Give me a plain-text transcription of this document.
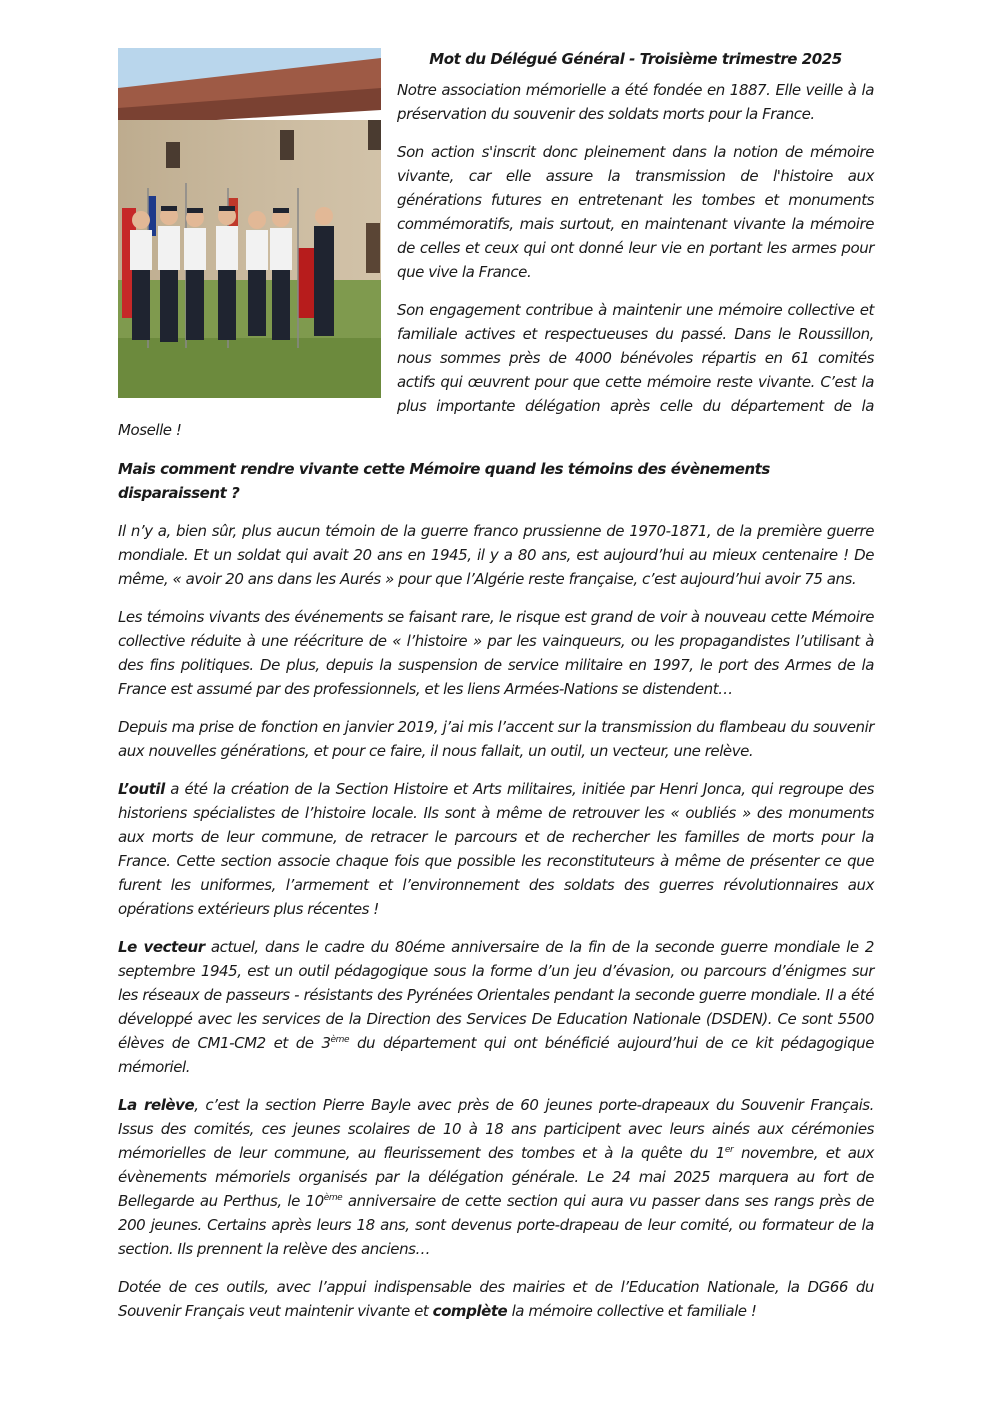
Mot du Délégué Général - Troisième trimestre 2025

Notre association mémorielle a été fondée en 1887. Elle veille à la préservation du souvenir des soldats morts pour la France.

Son action s'inscrit donc pleinement dans la notion de mémoire vivante, car elle assure la transmission de l'histoire aux générations futures en entretenant les tombes et monuments commémoratifs, mais surtout, en maintenant vivante la mémoire de celles et ceux qui ont donné leur vie en portant les armes pour que vive la France.

Son engagement contribue à maintenir une mémoire collective et familiale actives et respectueuses du passé. Dans le Roussillon, nous sommes près de 4000 bénévoles répartis en 61 comités actifs qui œuvrent pour que cette mémoire reste vivante. C’est la plus importante délégation après celle du département de la Moselle !

Mais comment rendre vivante cette Mémoire quand les témoins des évènements disparaissent ?

Il n’y a, bien sûr, plus aucun témoin de la guerre franco prussienne de 1970-1871, de la première guerre mondiale. Et un soldat qui avait 20 ans en 1945, il y a 80 ans, est aujourd’hui au mieux centenaire ! De même, « avoir 20 ans dans les Aurés » pour que l’Algérie reste française, c’est aujourd’hui avoir 75 ans.

Les témoins vivants des événements se faisant rare, le risque est grand de voir à nouveau cette Mémoire collective réduite à une réécriture de « l’histoire » par les vainqueurs, ou les propagandistes l’utilisant à des fins politiques. De plus, depuis la suspension de service militaire en 1997, le port des Armes de la France est assumé par des professionnels, et les liens Armées-Nations se distendent…

Depuis ma prise de fonction en janvier 2019, j’ai mis l’accent sur la transmission du flambeau du souvenir aux nouvelles générations, et pour ce faire, il nous fallait, un outil, un vecteur, une relève.

L’outil a été la création de la Section Histoire et Arts militaires, initiée par Henri Jonca, qui regroupe des historiens spécialistes de l’histoire locale. Ils sont à même de retrouver les « oubliés » des monuments aux morts de leur commune, de retracer le parcours et de rechercher les familles de morts pour la France. Cette section associe chaque fois que possible les reconstituteurs à même de présenter ce que furent les uniformes, l’armement et l’environnement des soldats des guerres révolutionnaires aux opérations extérieurs plus récentes !

Le vecteur actuel, dans le cadre du 80éme anniversaire de la fin de la seconde guerre mondiale le 2 septembre 1945, est un outil pédagogique sous la forme d’un jeu d’évasion, ou parcours d’énigmes sur les réseaux de passeurs - résistants des Pyrénées Orientales pendant la seconde guerre mondiale. Il a été développé avec les services de la Direction des Services De Education Nationale (DSDEN). Ce sont 5500 élèves de CM1-CM2 et de 3ème du département qui ont bénéficié aujourd’hui de ce kit pédagogique mémoriel.

La relève, c’est la section Pierre Bayle avec près de 60 jeunes porte-drapeaux du Souvenir Français. Issus des comités, ces jeunes scolaires de 10 à 18 ans participent avec leurs ainés aux cérémonies mémorielles de leur commune, au fleurissement des tombes et à la quête du 1er novembre, et aux évènements mémoriels organisés par la délégation générale. Le 24 mai 2025 marquera au fort de Bellegarde au Perthus, le 10ème anniversaire de cette section qui aura vu passer dans ses rangs près de 200 jeunes. Certains après leurs 18 ans, sont devenus porte-drapeau de leur comité, ou formateur de la section. Ils prennent la relève des anciens…

Dotée de ces outils, avec l’appui indispensable des mairies et de l’Education Nationale, la DG66 du Souvenir Français veut maintenir vivante et complète la mémoire collective et familiale !
